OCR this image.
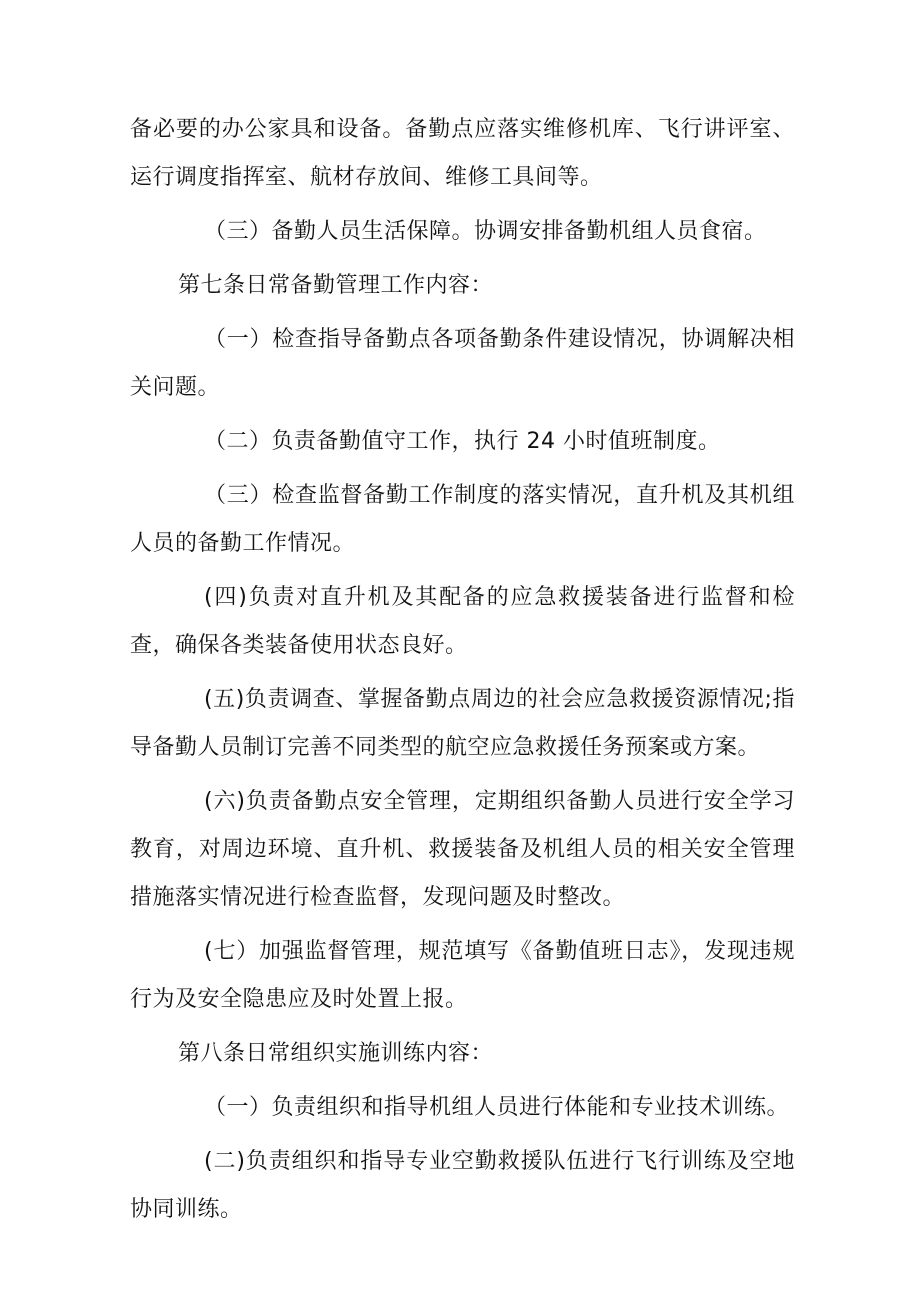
备必要的办公家具和设备。备勤点应落实维修机库、飞行讲评室、运行调度指挥室、航材存放间、维修工具间等。

（三）备勤人员生活保障。协调安排备勤机组人员食宿。

第七条日常备勤管理工作内容：

（一）检查指导备勤点各项备勤条件建设情况，协调解决相关问题。

（二）负责备勤值守工作，执行 24 小时值班制度。

（三）检查监督备勤工作制度的落实情况，直升机及其机组人员的备勤工作情况。

(四)负责对直升机及其配备的应急救援装备进行监督和检查，确保各类装备使用状态良好。

(五)负责调查、掌握备勤点周边的社会应急救援资源情况;指导备勤人员制订完善不同类型的航空应急救援任务预案或方案。

(六)负责备勤点安全管理，定期组织备勤人员进行安全学习教育，对周边环境、直升机、救援装备及机组人员的相关安全管理措施落实情况进行检查监督，发现问题及时整改。

(七）加强监督管理，规范填写《备勤值班日志》，发现违规行为及安全隐患应及时处置上报。

第八条日常组织实施训练内容：

（一）负责组织和指导机组人员进行体能和专业技术训练。

(二)负责组织和指导专业空勤救援队伍进行飞行训练及空地协同训练。
